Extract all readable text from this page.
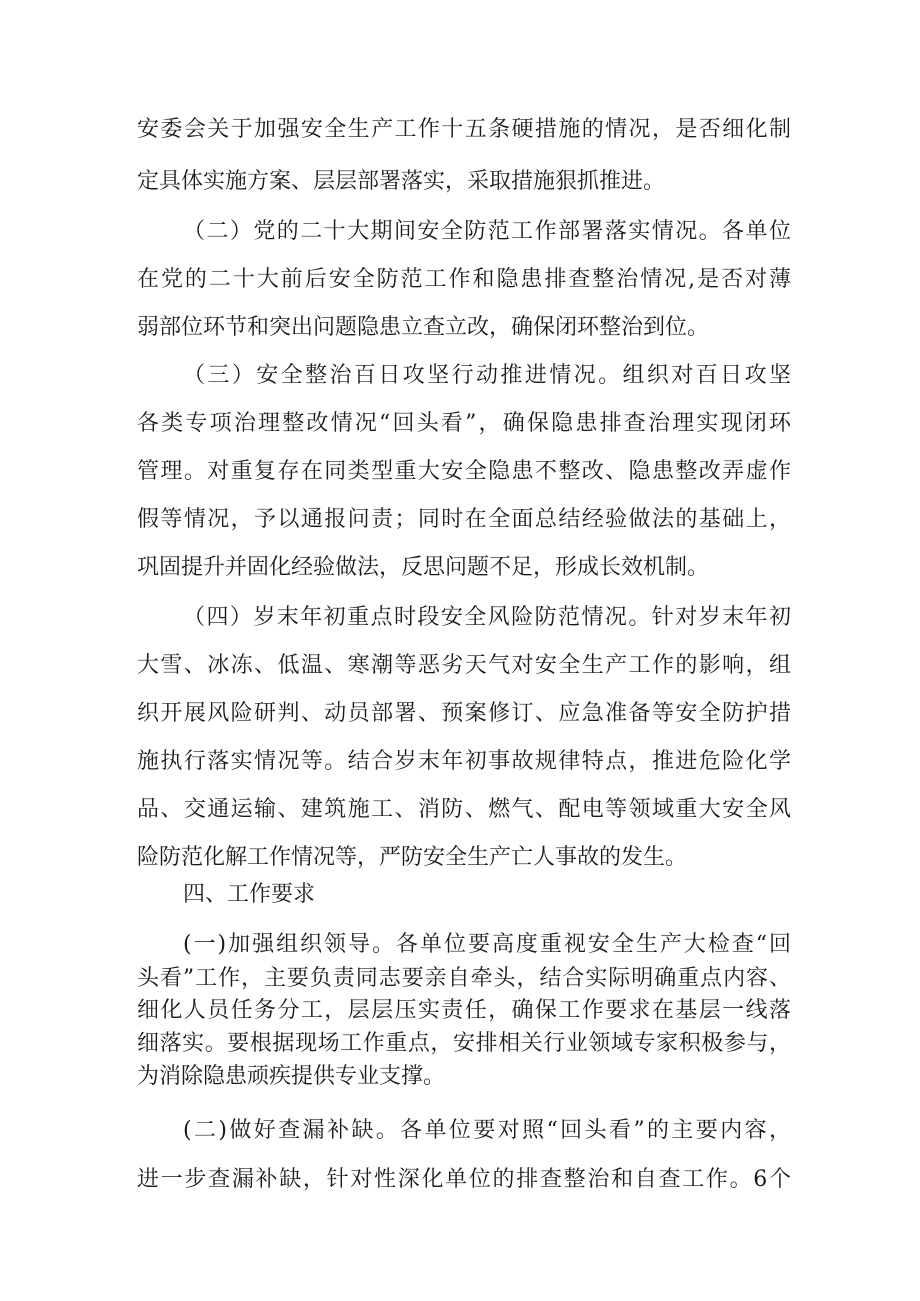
安委会关于加强安全生产工作十五条硬措施的情况，是否细化制
定具体实施方案、层层部署落实，采取措施狠抓推进。
（二）党的二十大期间安全防范工作部署落实情况。各单位
在党的二十大前后安全防范工作和隐患排查整治情况,是否对薄
弱部位环节和突出问题隐患立查立改，确保闭环整治到位。
（三）安全整治百日攻坚行动推进情况。组织对百日攻坚
各类专项治理整改情况“回头看”，确保隐患排查治理实现闭环
管理。对重复存在同类型重大安全隐患不整改、隐患整改弄虚作
假等情况，予以通报问责；同时在全面总结经验做法的基础上，
巩固提升并固化经验做法，反思问题不足，形成长效机制。
（四）岁末年初重点时段安全风险防范情况。针对岁末年初
大雪、冰冻、低温、寒潮等恶劣天气对安全生产工作的影响，组
织开展风险研判、动员部署、预案修订、应急准备等安全防护措
施执行落实情况等。结合岁末年初事故规律特点，推进危险化学
品、交通运输、建筑施工、消防、燃气、配电等领域重大安全风
险防范化解工作情况等，严防安全生产亡人事故的发生。
四、工作要求
(一)加强组织领导。各单位要高度重视安全生产大检查“回
头看”工作，主要负责同志要亲自牵头，结合实际明确重点内容、
细化人员任务分工，层层压实责任，确保工作要求在基层一线落
细落实。要根据现场工作重点，安排相关行业领域专家积极参与，
为消除隐患顽疾提供专业支撑。
(二)做好查漏补缺。各单位要对照“回头看”的主要内容，
进一步查漏补缺，针对性深化单位的排查整治和自查工作。6个
